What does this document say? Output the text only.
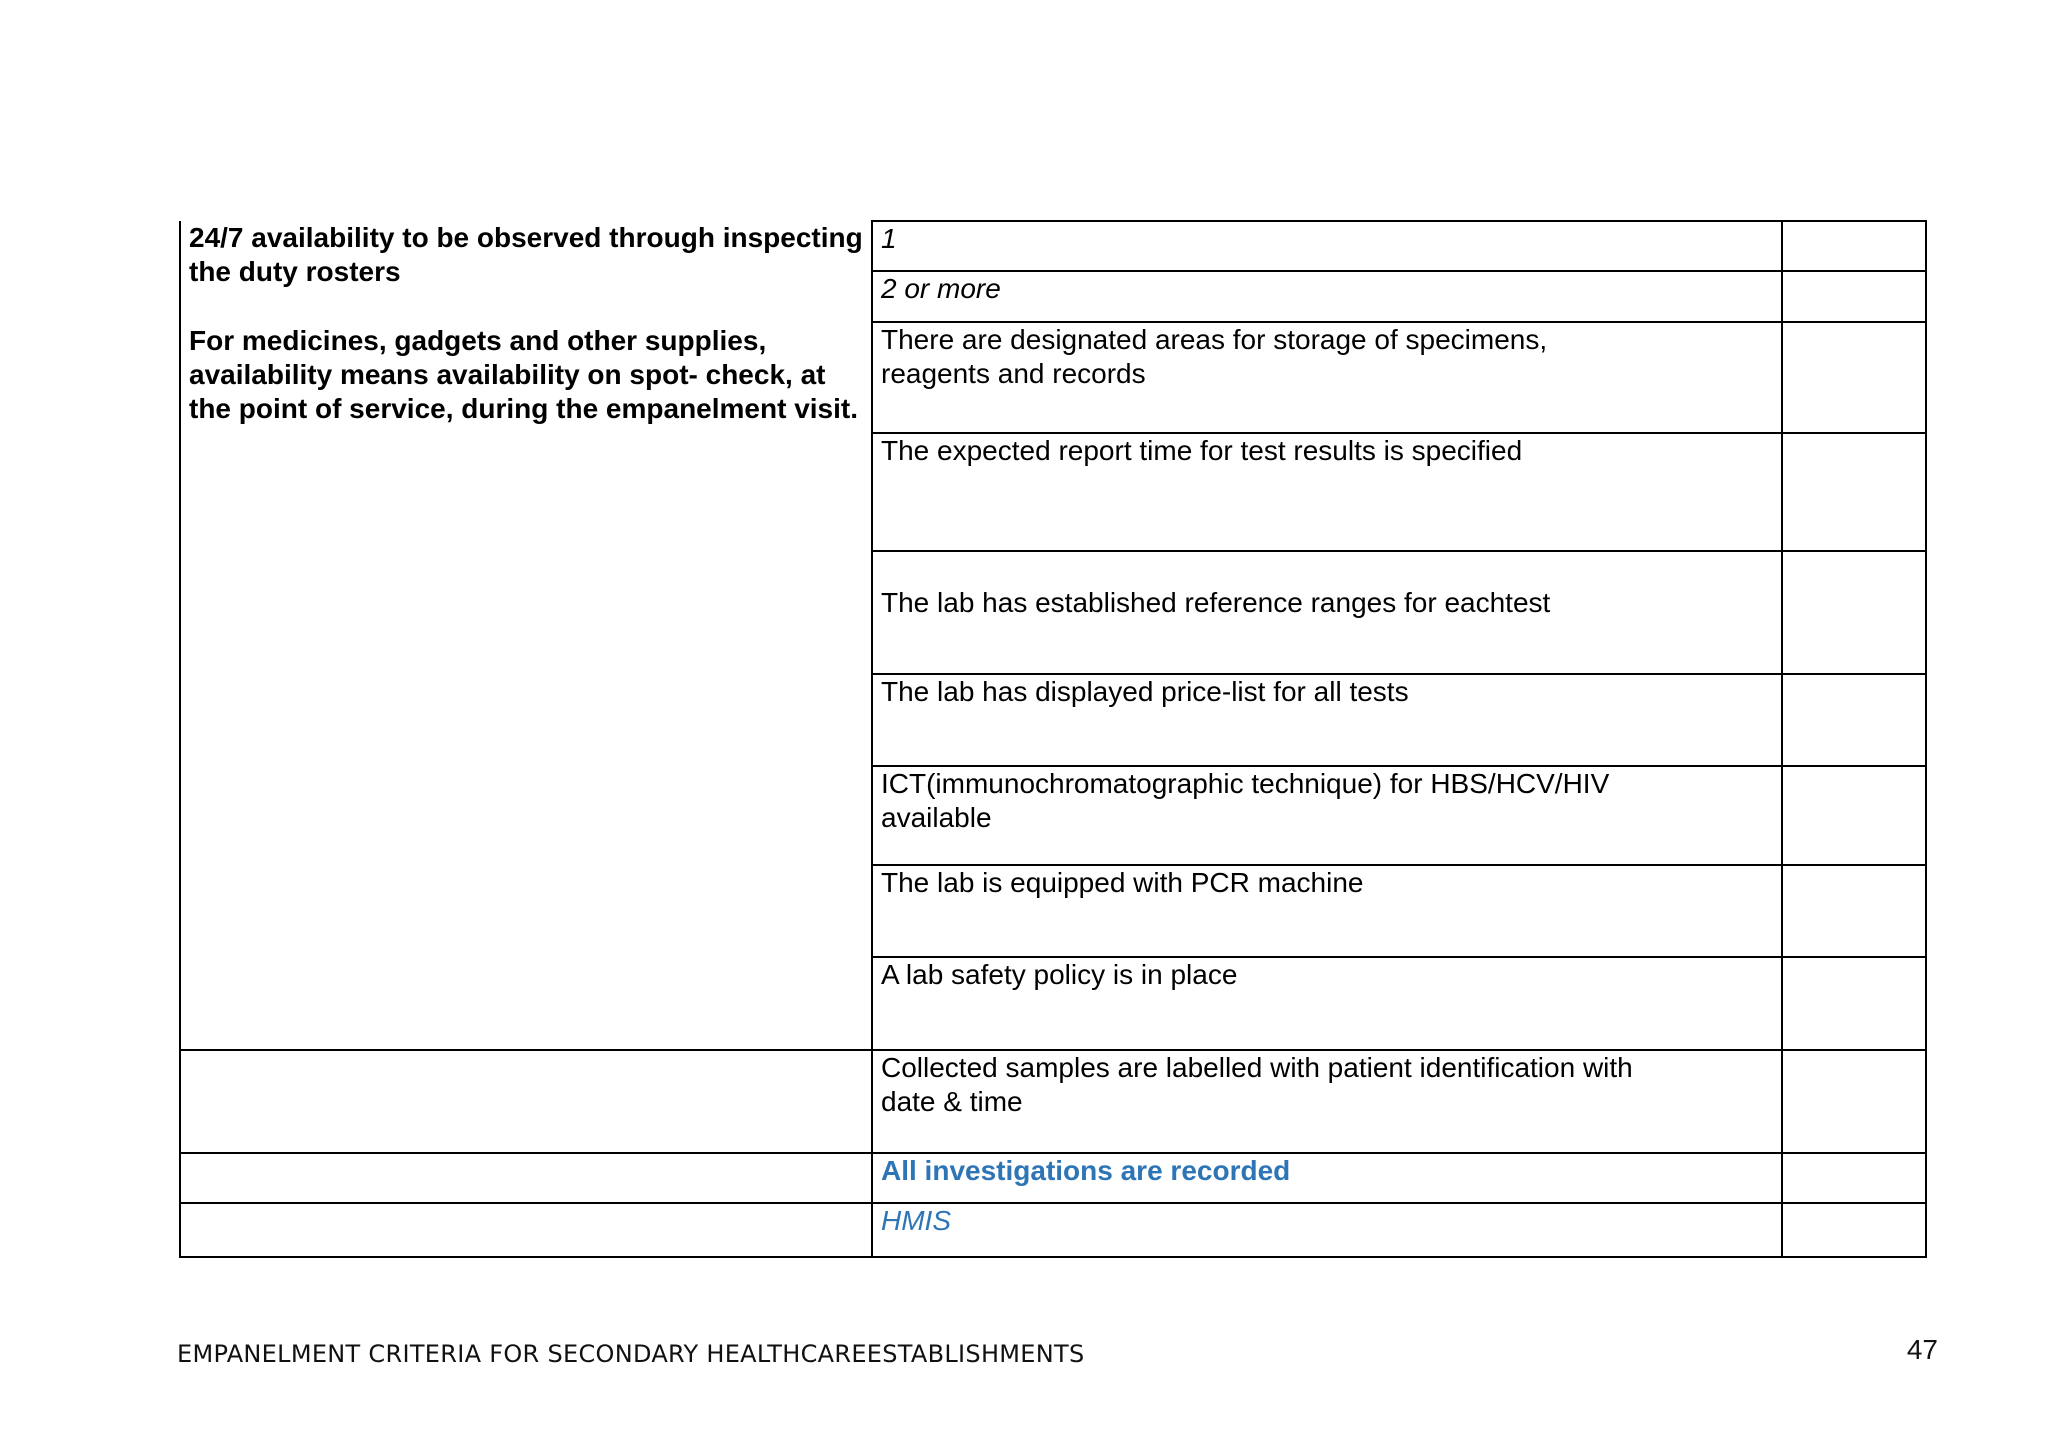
24/7 availability to be observed through inspecting the duty rosters

For medicines, gadgets and other supplies, availability means availability on spot- check, at the point of service, during the empanelment visit.	1	
	2 or more	
	There are designated areas for storage of specimens, reagents and records	
	The expected report time for test results is specified	
	The lab has established reference ranges for eachtest	
	The lab has displayed price-list for all tests	
	ICT(immunochromatographic technique) for HBS/HCV/HIV available	
	The lab is equipped with PCR machine	
	A lab safety policy is in place	
	Collected samples are labelled with patient identification with date & time	
	All investigations are recorded	
	HMIS	
EMPANELMENT CRITERIA FOR SECONDARY HEALTHCAREESTABLISHMENTS	47
